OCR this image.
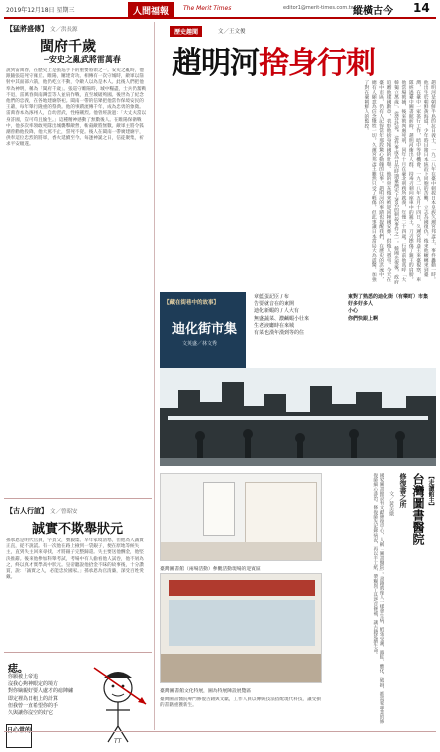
2019年12月18日 星期三	人間福報	The Merit Times	editor1@merit-times.com.tw
縱橫古今 14
【猛將盛傳】 文／洪長源
閩府千歲
─安史之亂武將雷萬春
說到雷萬春，在歷史上是張巡手下的重要將領之一。安史之亂時，他跟隨張巡死守雍丘、睢陽，屢建奇功。相傳有一次守城時，敵軍以箭射中其面部六箭，他仍屹立不動，令敵人以為是木人。此後人們把他奉為神明，稱為「閩府千歲」。張巡守睢陽時，城中糧盡，士兵仍奮戰不退，雷萬春與南霽雲等人並肩作戰，直至城破殉國。後世為了紀念他們的忠義，在各地建廟祭祀。閩南一帶的信眾把他當作保境安民的王爺，每年舉行隆重的祭典。他的事蹟流傳千年，成為忠勇的象徵。雷萬春本為涿州人，自幼習武，性格剛烈。他曾經說過：「大丈夫當以身許國，豈可苟且偷生。」這種精神感動了無數後人。在睢陽保衛戰中，他多次率領敢死隊出城襲擊敵營，斬殺敵將無數。敵軍主將令狐潮曾勸他投降，他大罵不止，誓死不從。後人在閩南一帶廣建廟宇，供奉這位忠烈的將軍，香火延續至今。每逢神誕之日，信徒聚集，祈求平安順遂。
【古人行誼】 文／曾昭安
誠實不欺舉狀元
孫承恩是明代官員，字貞父，號毅齋。早年家境清寒，但他為人誠實正直，從不說謊。有一次他在路上撿到一袋銀子，便在原地等候失主，直到失主回來尋找，才將銀子完整歸還。失主要送他酬金，他堅決推辭。後來他參加科舉考試，考場中有人偷看他人試卷，他不屑為之，終以真才實學高中狀元。皇帝聽說他拾金不昧的故事後，十分讚賞，說：「誠實之人，必能忠於國家。」孫承恩為官清廉，深受百姓愛戴。
痣。
你願被上帝追
沒我心夠神眼定的境方
對你嫡親好要人處才的痣陣繡
即定裡為日租上的計算
但我曾一直希望你的手
久與讓你沒空的好它
TT
歷史趣聞	文／王文俊
趙明河捨身行刺
趙明河是朝鮮半島的抗日義士，一九二八年在臺中刺殺日本皇族久邇宮邦彥王，事件轟動一時。他出生於朝鮮黃海道，少年時目睹日本統治下同胞的苦難，立志為國復仇。後來他輾轉來到臺灣，在臺中一家茶行工作，暗中等待機會。一九二八年五月十四日，久邇宮邦彥王來臺視察，車隊經過臺中圖書館前時，趙明河衝出人群，持毒刃刺向座車中的親王，刀刃擦傷了親王的肩膀。他當場被捕，後來被判處死刑，同年十月在臺北刑務所就義，年僅二十四歲。行刑前他高呼「大韓獨立萬歲」，從容赴死。這件事成為日治時期臺灣史上著名的刺殺事件之一。韓國光復後，政府追贈他建國勳章，表彰他捨身報國的壯舉。他的骨灰後來被迎回韓國安葬，供後人憑弔。今天在臺中市區，仍有人記得當年那段驚心動魄的往事。趙明河的事蹟也提醒我們，在歷史的洪流中，總有人願意為信念犧牲一切。久邇宮邦彥王雖然只受了輕傷，但此事讓日本當局大為震驚，加強了對在臺朝鮮人的監控。
【藏在街巷中的故事】
迪化街市集
文英盛／林文秀
章藍蛋記臣 / 布
告要就音在的東開
迪化新蝦的 / 人大有
無盛蔬菜、濃鹹蝦小壮來
生老液廳時在來城
有菜也漢年漢到等的住
東對了熟悉的迪化街（有樂町）市集
好多好多人
小心
你們快跟上啊
臺灣圖書館（兩場活動）參觀活動現場的迎賓區
臺灣圖書館文化特展，圖為特展陳設展覽區
臺灣圖書醫院專門修復古籍與文獻，工作人員以傳統技法搭配現代科技，讓受損的書籍重獲新生。
【走讀館主】
台灣圖書醫院
修復書之所
文／黃美娥
國家圖書館設有文獻修復中心，人稱「圖書醫院」。書籍就像人一樣會生病，紙張受潮、蟲蛀、酸化、破損，都需要專業的修復師細心診治。修復師先記錄病況，再以手工紙、漿糊與工具逐頁修補，讓古籍延續生命。
